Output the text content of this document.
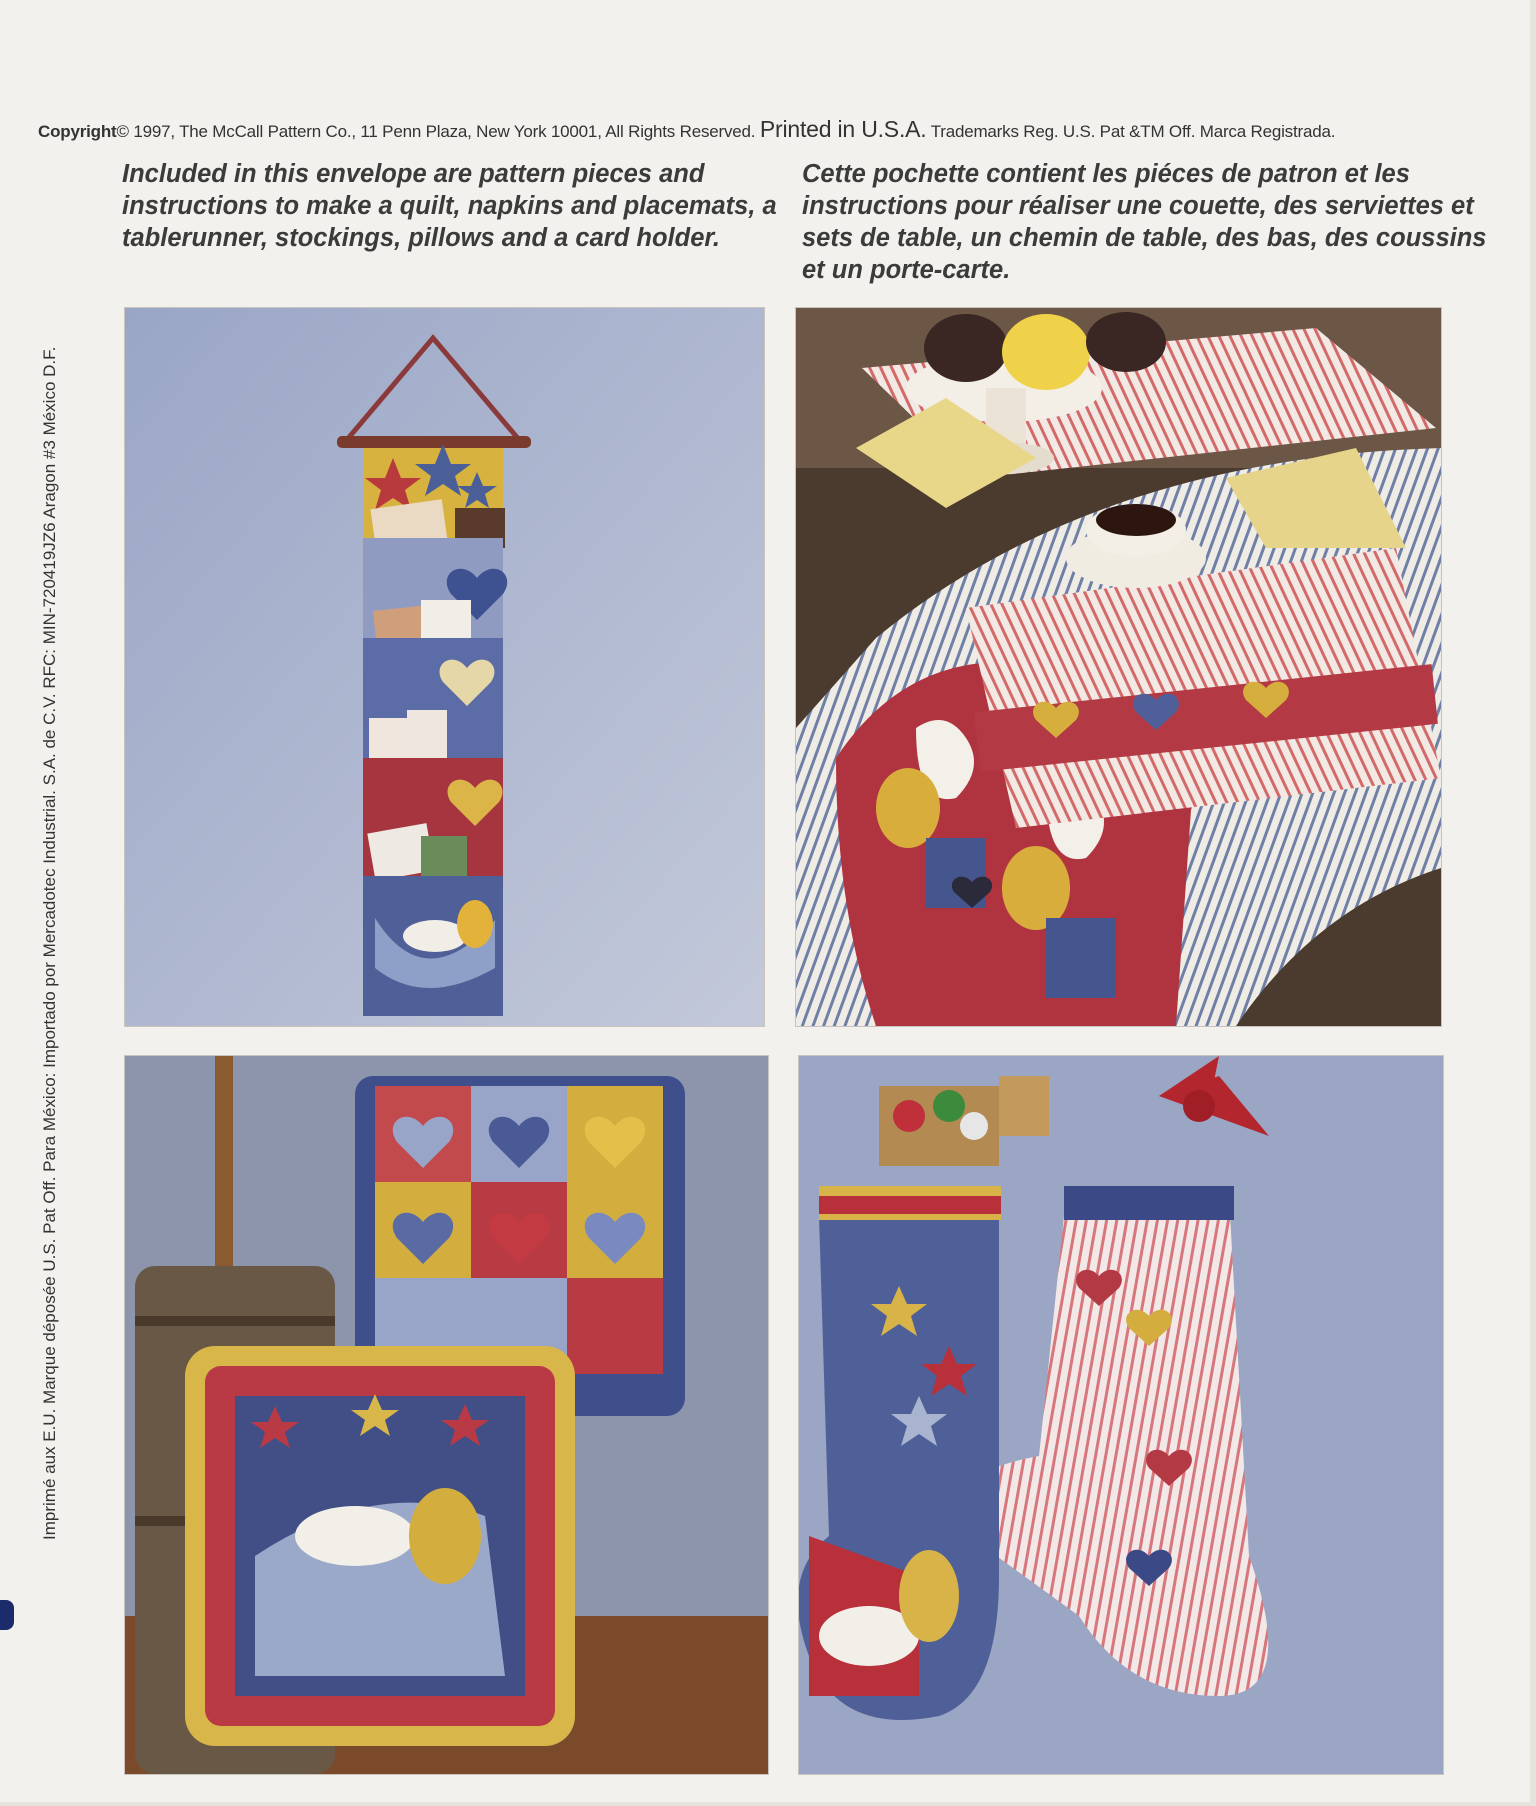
Copyright© 1997, The McCall Pattern Co., 11 Penn Plaza, New York 10001, All Rights Reserved. Printed in U.S.A. Trademarks Reg. U.S. Pat &TM Off. Marca Registrada.
Included in this envelope are pattern pieces and instructions to make a quilt, napkins and placemats, a tablerunner, stockings, pillows and a card holder.
Cette pochette contient les piéces de patron et les instructions pour réaliser une couette, des serviettes et sets de table, un chemin de table, des bas, des coussins et un porte-carte.
Imprimé aux E.U. Marque déposée U.S. Pat Off. Para México: Importado por Mercadotec Industrial. S.A. de C.V. RFC: MIN-720419JZ6 Aragon #3 México D.F.
